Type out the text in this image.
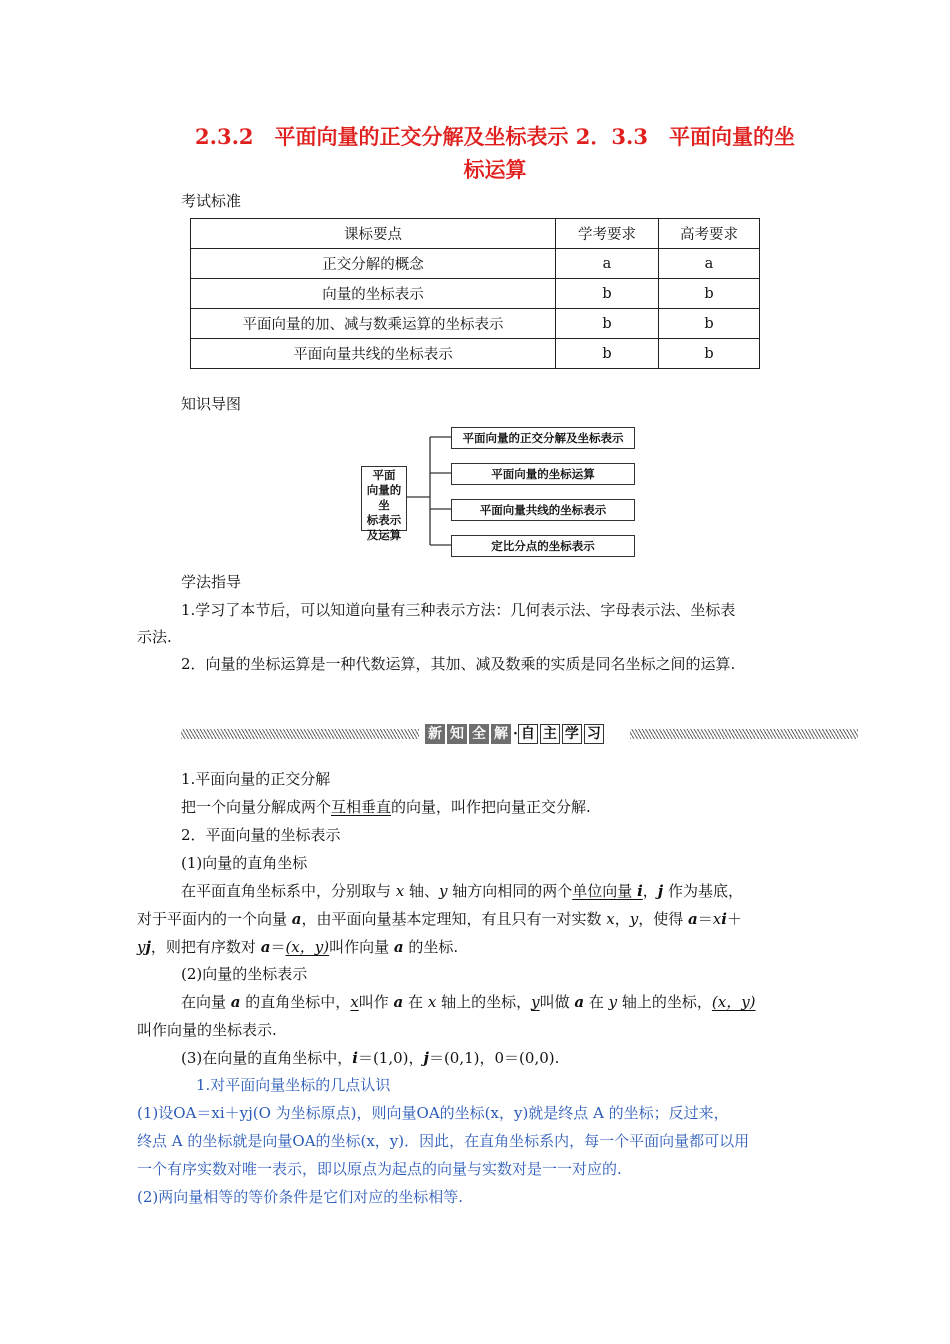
2.3.2　平面向量的正交分解及坐标表示 2．3.3　平面向量的坐
标运算
考试标准
课标要点	学考要求	高考要求
正交分解的概念	a	a
向量的坐标表示	b	b
平面向量的加、减与数乘运算的坐标表示	b	b
平面向量共线的坐标表示	b	b
知识导图
平面
向量的坐
标表示
及运算
平面向量的正交分解及坐标表示
平面向量的坐标运算
平面向量共线的坐标表示
定比分点的坐标表示
学法指导
1.学习了本节后，可以知道向量有三种表示方法：几何表示法、字母表示法、坐标表
示法.
2．向量的坐标运算是一种代数运算，其加、减及数乘的实质是同名坐标之间的运算.
新 知 全 解 · 自 主 学 习
1.平面向量的正交分解
把一个向量分解成两个互相垂直的向量，叫作把向量正交分解.
2．平面向量的坐标表示
(1)向量的直角坐标
在平面直角坐标系中，分别取与 x 轴、y 轴方向相同的两个单位向量 i，j 作为基底，
对于平面内的一个向量 a，由平面向量基本定理知，有且只有一对实数 x，y，使得 a＝xi＋
yj，则把有序数对 a＝(x，y)叫作向量 a 的坐标.
(2)向量的坐标表示
在向量 a 的直角坐标中，x叫作 a 在 x 轴上的坐标，y叫做 a 在 y 轴上的坐标，(x，y)
叫作向量的坐标表示.
(3)在向量的直角坐标中，i＝(1,0)，j＝(0,1)，0＝(0,0).
1.对平面向量坐标的几点认识
(1)设OA＝xi＋yj(O 为坐标原点)，则向量OA的坐标(x，y)就是终点 A 的坐标；反过来，
终点 A 的坐标就是向量OA的坐标(x，y)．因此，在直角坐标系内，每一个平面向量都可以用
一个有序实数对唯一表示，即以原点为起点的向量与实数对是一一对应的.
(2)两向量相等的等价条件是它们对应的坐标相等.
